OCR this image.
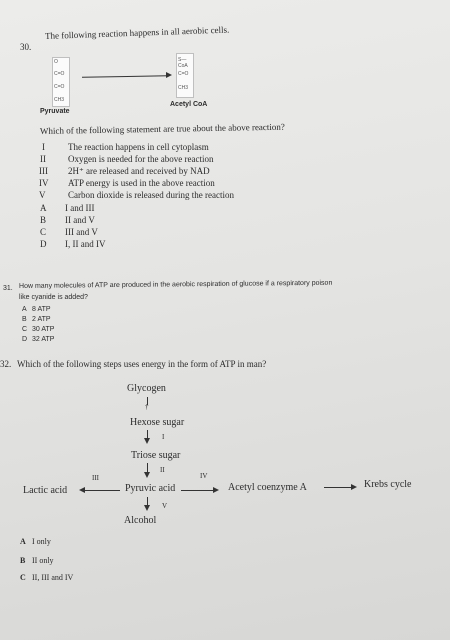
30.
The following reaction happens in all aerobic cells.
O
C=O
C=O
CH3
S—CoA
C=O
CH3
Pyruvate
Acetyl CoA
Which of the following statement are true about the above reaction?
I	The reaction happens in cell cytoplasm
II Oxygen is needed for the above reaction
III 2H⁺ are released and received by NAD
IV ATP energy is used in the above reaction
V	Carbon dioxide is released during the reaction
A I and III
B II and V
C III and V
D I, II and IV
31. How many molecules of ATP are produced in the aerobic respiration of glucose if a respiratory poison
like cyanide is added?
A 8 ATP
B 2 ATP
C 30 ATP
D 32 ATP
32. Which of the following steps uses energy in the form of ATP in man?
Glycogen
†
Hexose sugar
I
Triose sugar
II
Pyruvic acid
Lactic acid
III	IV
Acetyl coenzyme A	Krebs cycle
V
Alcohol
A I only
B II only
C II, III and IV
